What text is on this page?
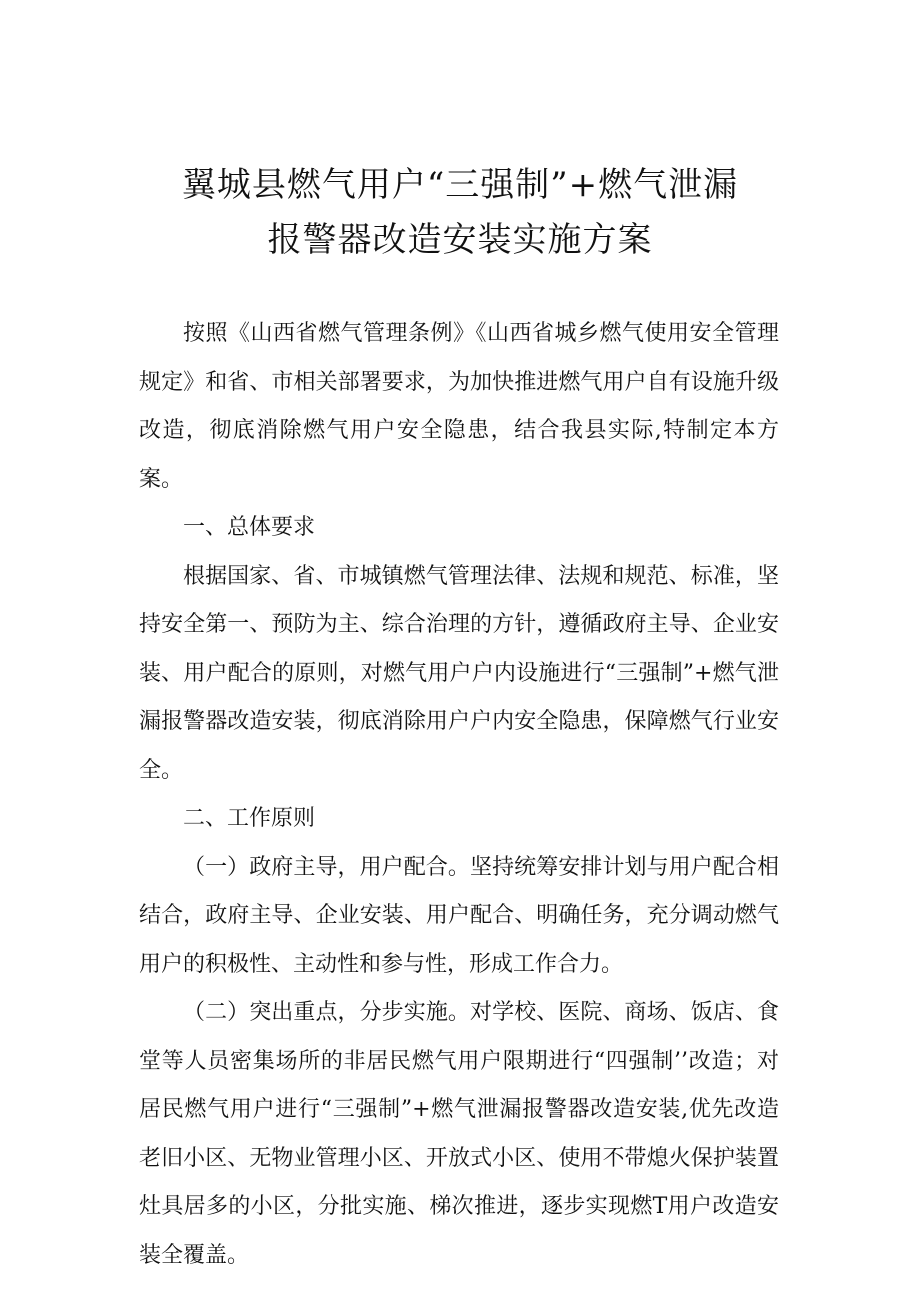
翼城县燃气用户“三强制”+燃气泄漏
报警器改造安装实施方案

按照《山西省燃气管理条例》《山西省城乡燃气使用安全管理规定》和省、市相关部署要求，为加快推进燃气用户自有设施升级改造，彻底消除燃气用户安全隐患，结合我县实际,特制定本方案。

一、总体要求

根据国家、省、市城镇燃气管理法律、法规和规范、标准，坚持安全第一、预防为主、综合治理的方针，遵循政府主导、企业安装、用户配合的原则，对燃气用户户内设施进行“三强制”+燃气泄漏报警器改造安装，彻底消除用户户内安全隐患，保障燃气行业安全。

二、工作原则

（一）政府主导，用户配合。坚持统筹安排计划与用户配合相结合，政府主导、企业安装、用户配合、明确任务，充分调动燃气用户的积极性、主动性和参与性，形成工作合力。

（二）突出重点，分步实施。对学校、医院、商场、饭店、食堂等人员密集场所的非居民燃气用户限期进行“四强制’’改造；对居民燃气用户进行“三强制”+燃气泄漏报警器改造安装,优先改造老旧小区、无物业管理小区、开放式小区、使用不带熄火保护装置灶具居多的小区，分批实施、梯次推进，逐步实现燃T用户改造安装全覆盖。
